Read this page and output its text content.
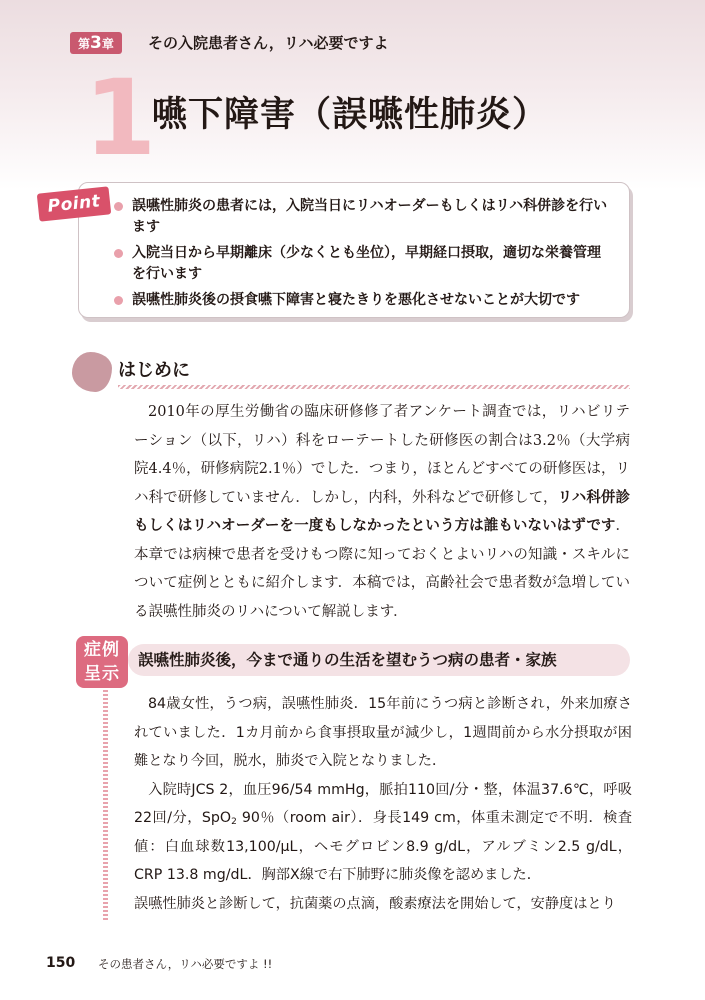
第3章	その入院患者さん，リハ必要ですよ
1
嚥下障害（誤嚥性肺炎）
Point	誤嚥性肺炎の患者には，入院当日にリハオーダーもしくはリハ科併診を行います
入院当日から早期離床（少なくとも坐位），早期経口摂取，適切な栄養管理を行います
誤嚥性肺炎後の摂食嚥下障害と寝たきりを悪化させないことが大切です
はじめに
2010年の厚生労働省の臨床研修修了者アンケート調査では，リハビリテーション（以下，リハ）科をローテートした研修医の割合は3.2％（大学病院4.4％，研修病院2.1％）でした．つまり，ほとんどすべての研修医は，リハ科で研修していません．しかし，内科，外科などで研修して，リハ科併診もしくはリハオーダーを一度もしなかったという方は誰もいないはずです．本章では病棟で患者を受けもつ際に知っておくとよいリハの知識・スキルについて症例とともに紹介します．本稿では，高齢社会で患者数が急増している誤嚥性肺炎のリハについて解説します．
症例
呈示
誤嚥性肺炎後，今まで通りの生活を望むうつ病の患者・家族

84歳女性，うつ病，誤嚥性肺炎．15年前にうつ病と診断され，外来加療されていました．1カ月前から食事摂取量が減少し，1週間前から水分摂取が困難となり今回，脱水，肺炎で入院となりました．

入院時JCS 2，血圧96/54 mmHg，脈拍110回/分・整，体温37.6℃，呼吸22回/分，SpO$_2$ 90％（room air）．身長149 cm，体重未測定で不明．検査値：白血球数13,100/μL，ヘモグロビン8.9 g/dL，アルブミン2.5 g/dL，CRP 13.8 mg/dL．胸部X線で右下肺野に肺炎像を認めました．

誤嚥性肺炎と診断して，抗菌薬の点滴，酸素療法を開始して，安静度はとり

150 その患者さん，リハ必要ですよ !!
